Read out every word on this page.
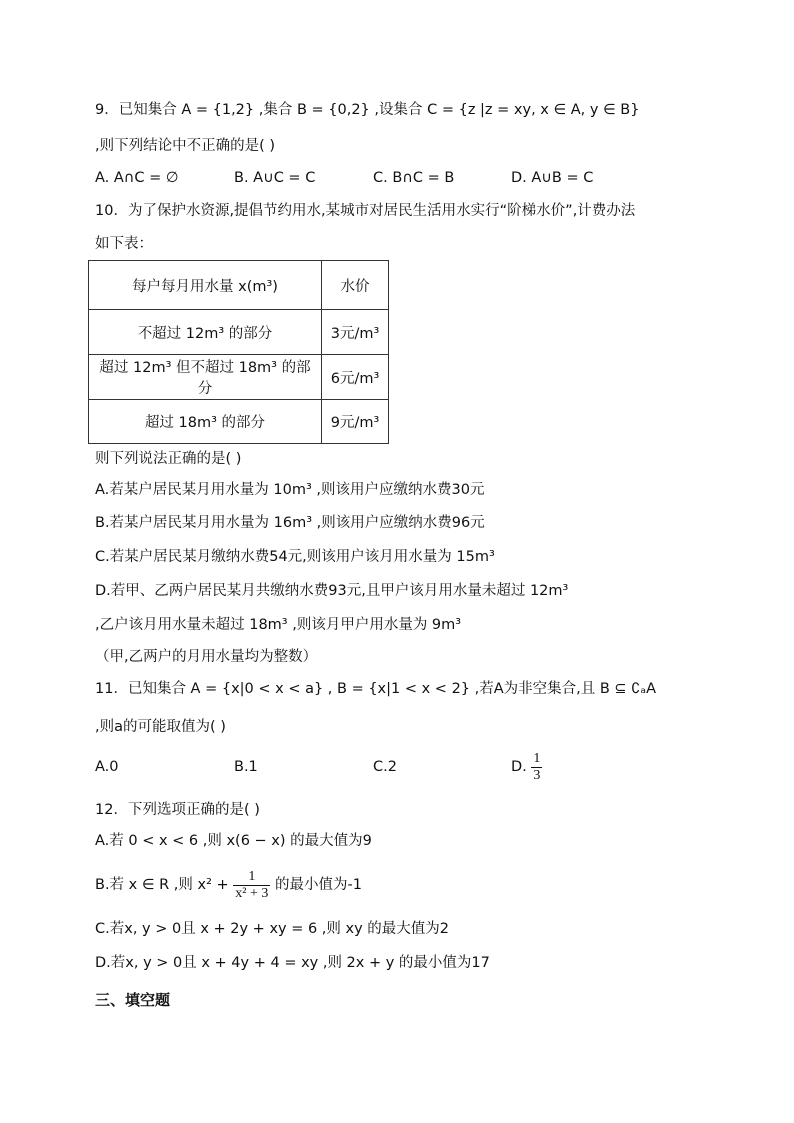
9．已知集合 A = {1,2} ,集合 B = {0,2} ,设集合 C = {z |z = xy, x ∈ A, y ∈ B}
,则下列结论中不正确的是( )
A. A∩C = ∅	B. A∪C = C	C. B∩C = B	D. A∪B = C
10．为了保护水资源,提倡节约用水,某城市对居民生活用水实行“阶梯水价”,计费办法
如下表：
每户每月用水量 x(m³)	水价
不超过 12m³ 的部分	3元/m³
超过 12m³ 但不超过 18m³ 的部分	6元/m³
超过 18m³ 的部分	9元/m³
则下列说法正确的是( )
A.若某户居民某月用水量为 10m³ ,则该用户应缴纳水费30元
B.若某户居民某月用水量为 16m³ ,则该用户应缴纳水费96元
C.若某户居民某月缴纳水费54元,则该用户该月用水量为 15m³
D.若甲、乙两户居民某月共缴纳水费93元,且甲户该月用水量未超过 12m³
,乙户该月用水量未超过 18m³ ,则该月甲户用水量为 9m³
（甲,乙两户的月用水量均为整数）
11．已知集合 A = {x|0 < x < a} , B = {x|1 < x < 2} ,若A为非空集合,且 B ⊆ ∁ₐA
,则a的可能取值为( )
A.0	B.1	C.2	D. $\frac{1}{3}$
12．下列选项正确的是( )
A.若 0 < x < 6 ,则 x(6 − x) 的最大值为9
B.若 x ∈ R ,则 $x^2 + \frac{1}{\text{x² + 3}}$ 的最小值为-1
C.若x, y > 0且 x + 2y + xy = 6 ,则 xy 的最大值为2
D.若x, y > 0且 x + 4y + 4 = xy ,则 2x + y 的最小值为17
三、填空题
